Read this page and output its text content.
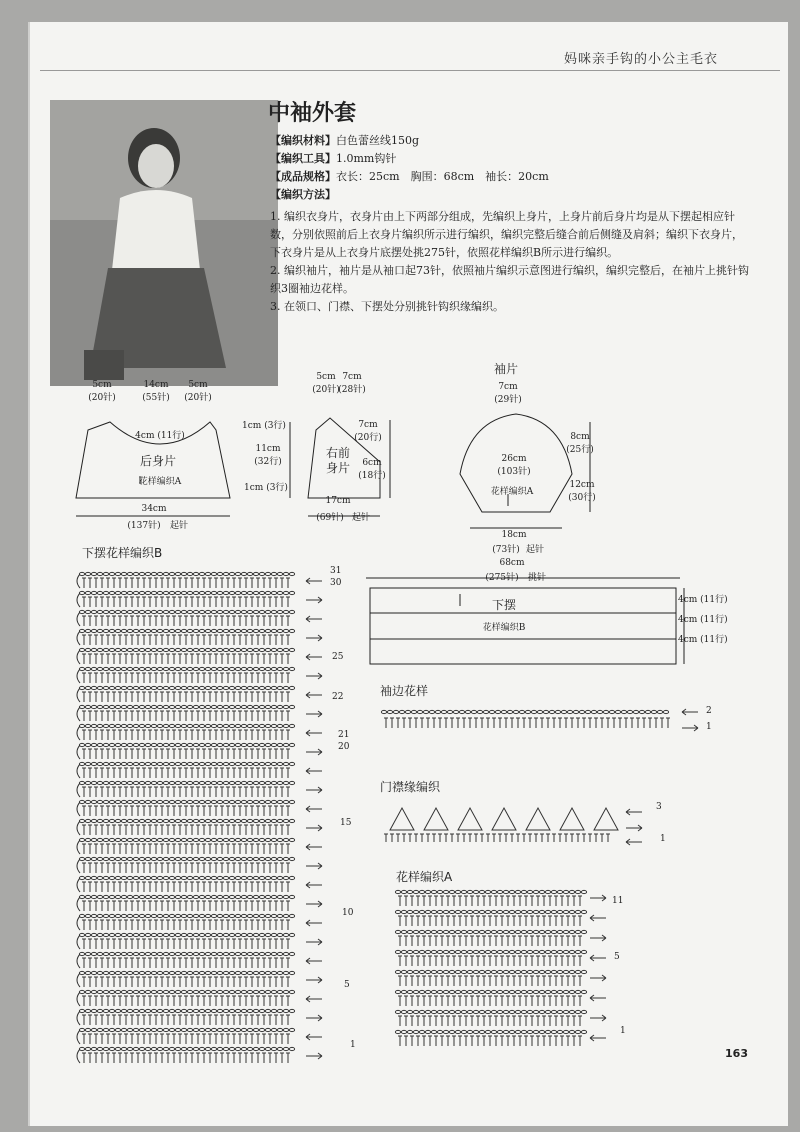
妈咪亲手钩的小公主毛衣
中袖外套
【编织材料】白色蕾丝线150g
【编织工具】1.0mm钩针
【成品规格】衣长：25cm　胸围：68cm　袖长：20cm
【编织方法】

1. 编织衣身片，衣身片由上下两部分组成，先编织上身片，上身片前后身片均是从下摆起相应针数，分别依照前后上衣身片编织所示进行编织，编织完整后缝合前后侧缝及肩斜；编织下衣身片，下衣身片是从上衣身片底摆处挑275针，依照花样编织B所示进行编织。

2. 编织袖片，袖片是从袖口起73针，依照袖片编织示意图进行编织，编织完整后，在袖片上挑针钩织3圈袖边花样。

3. 在领口、门襟、下摆处分别挑针钩织缘编织。

5cm
(20针)
14cm
(55针)
5cm
(20针)
4cm (11行)
后身片
花样编织A
34cm
(137针) 起针
5cm
(20针)
7cm
(28针)
1cm (3行)
11cm
(32行)
1cm (3行)
7cm
(20行)
6cm
(18行)
右前身片
17cm
(69针) 起针
袖片
7cm
(29针)
26cm
(103针)
8cm
(25行)
12cm
(30行)
花样编织A
18cm
(73针) 起针
68cm
(275针) 挑针
下摆
花样编织B
4cm (11行)
4cm (11行)
4cm (11行)
下摆花样编织B
袖边花样
门襟缘编织
花样编织A
31
30
25
22
21
20
15
10
5
1
2
1
3
1
11
5
1
163
